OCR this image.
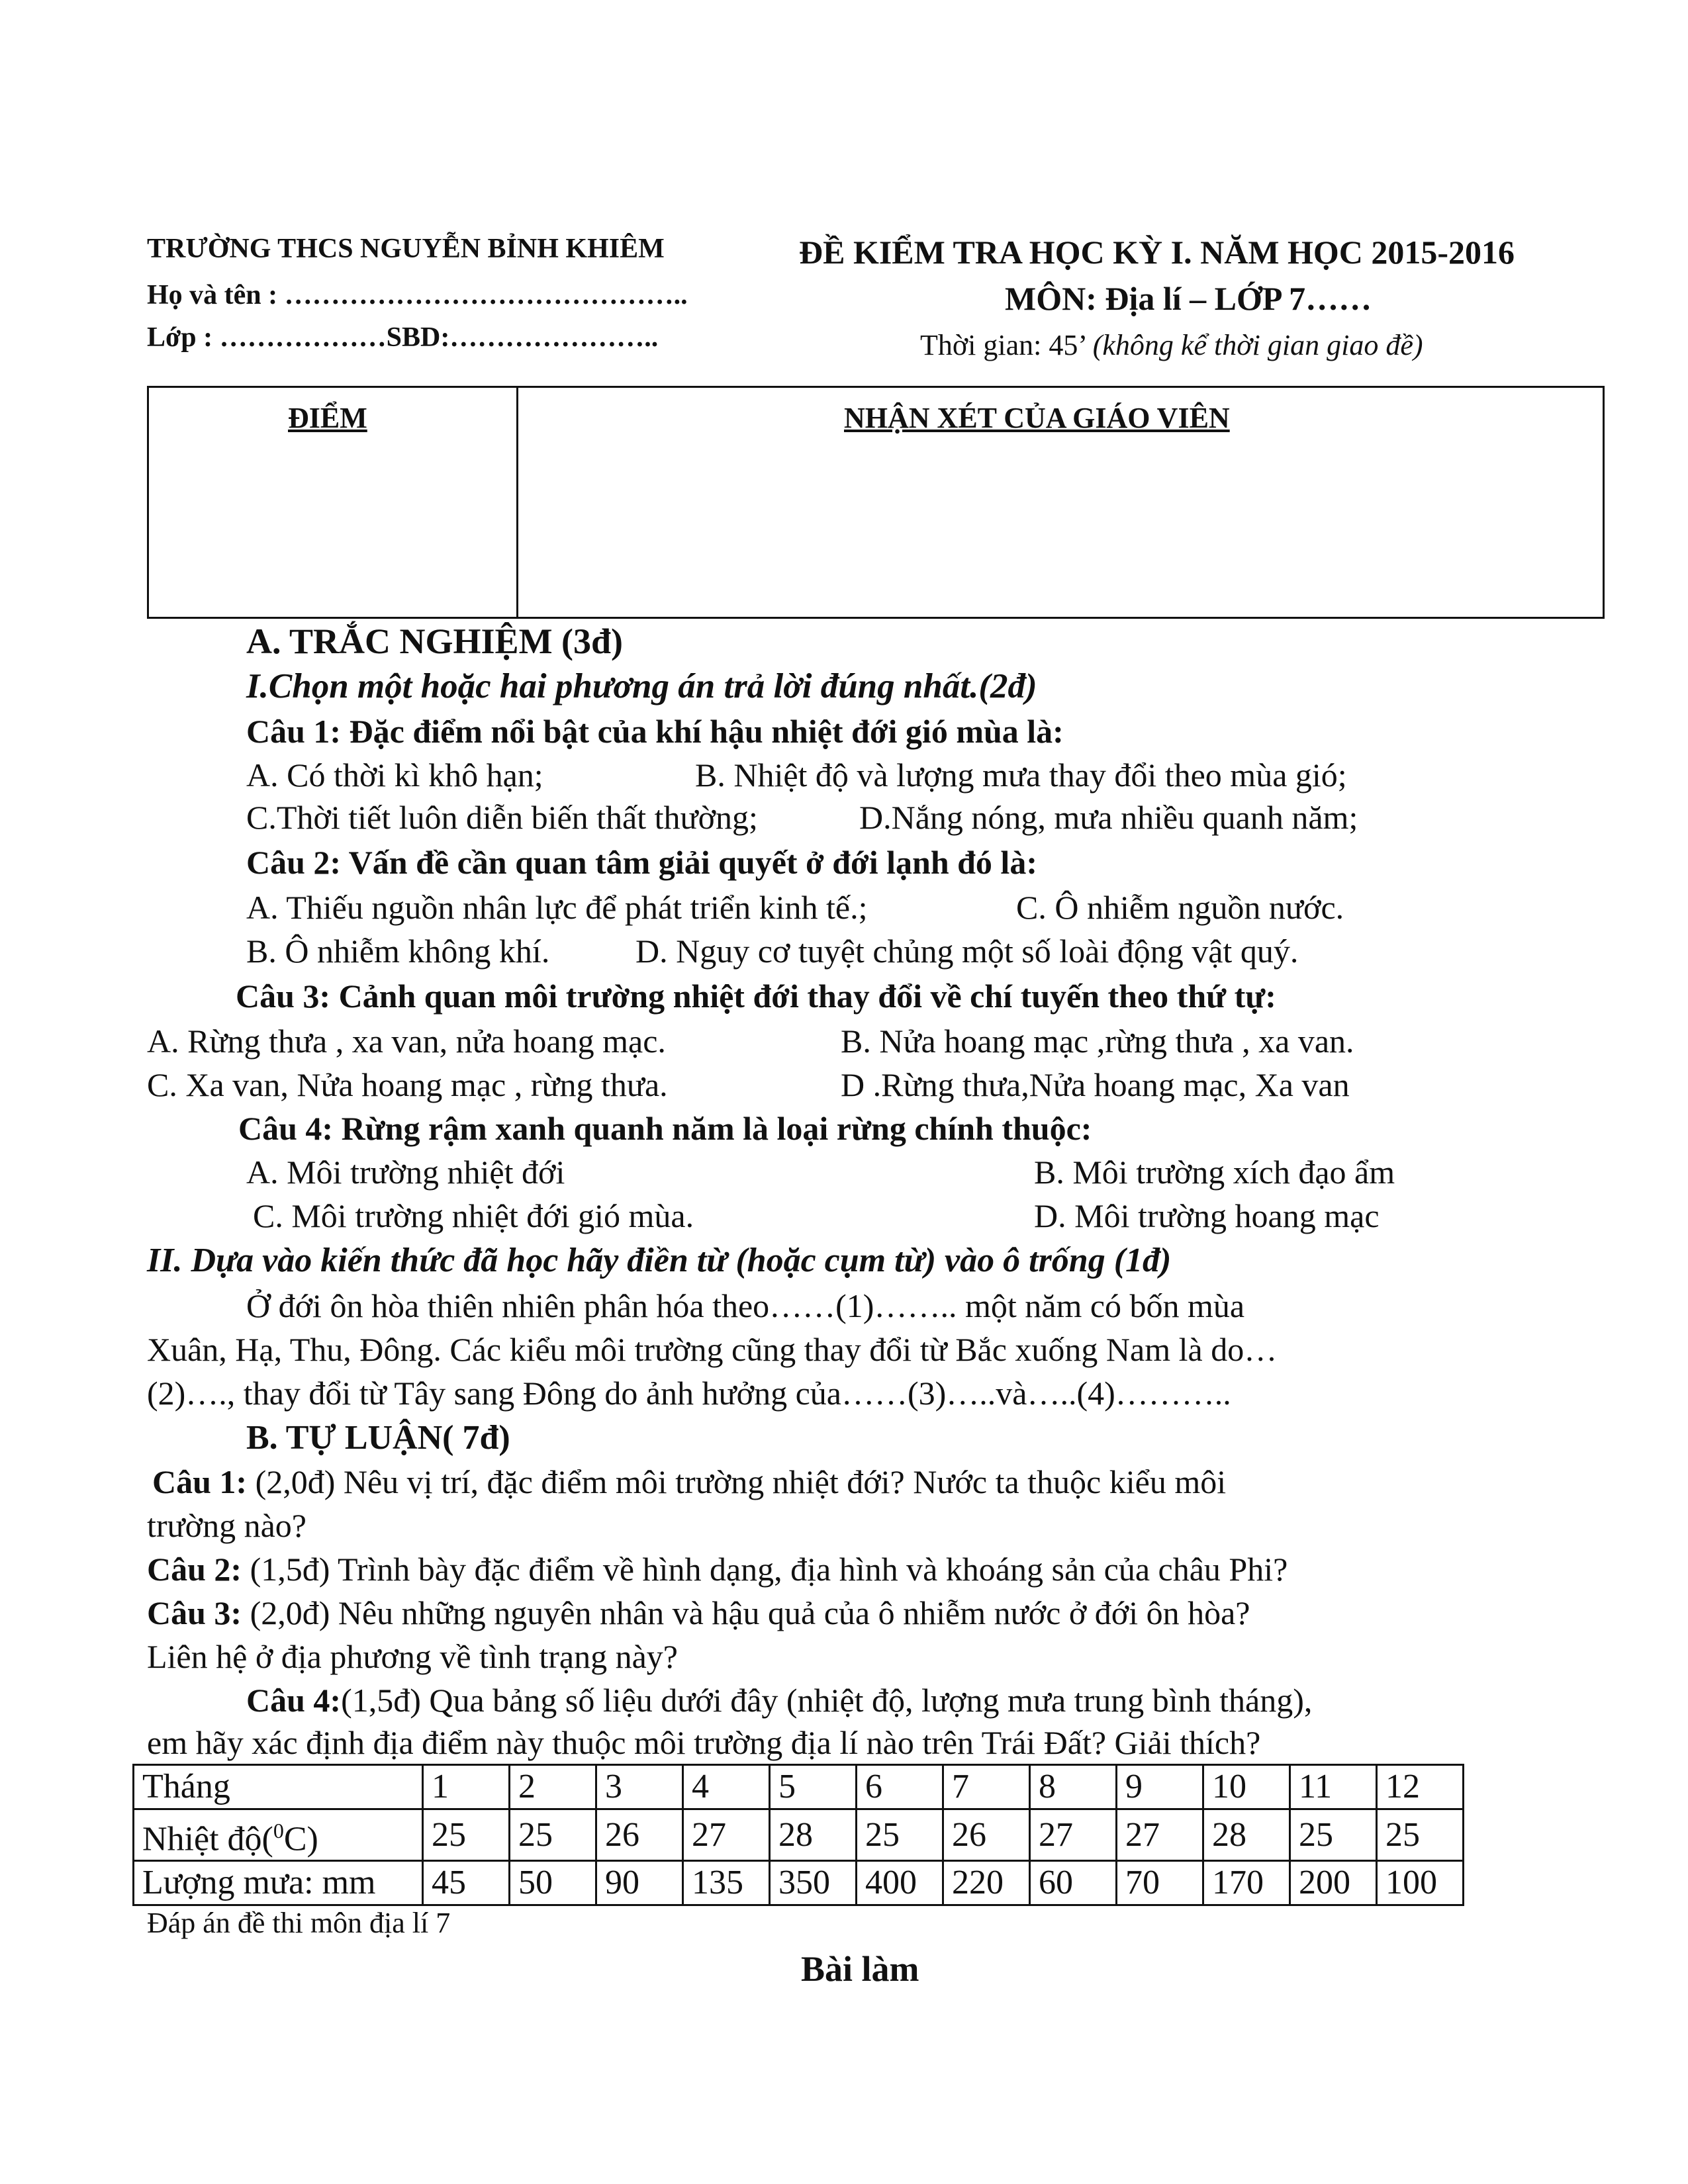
TRƯỜNG THCS NGUYỄN BỈNH KHIÊM
Họ và tên : ……………………………………..
Lớp : ………………SBD:…………………..
ĐỀ KIỂM TRA HỌC KỲ I. NĂM HỌC 2015-2016
MÔN: Địa lí – LỚP 7……
Thời gian: 45’ (không kể thời gian giao đề)
ĐIỂM	NHẬN XÉT CỦA GIÁO VIÊN
A. TRẮC NGHIỆM (3đ)
I.Chọn một hoặc hai phương án trả lời đúng nhất.(2đ)
Câu 1: Đặc điểm nổi bật của khí hậu nhiệt đới gió mùa là:
A. Có thời kì khô hạn;	B. Nhiệt độ và lượng mưa thay đổi theo mùa gió;
C.Thời tiết luôn diễn biến thất thường;	D.Nắng nóng, mưa nhiều quanh năm;
Câu 2: Vấn đề cần quan tâm giải quyết ở đới lạnh đó là:
A. Thiếu nguồn nhân lực để phát triển kinh tế.;	C. Ô nhiễm nguồn nước.
B. Ô nhiễm không khí.	D. Nguy cơ tuyệt chủng một số loài động vật quý.
Câu 3: Cảnh quan môi trường nhiệt đới thay đổi về chí tuyến theo thứ tự:
A. Rừng thưa , xa van, nửa hoang mạc.	B. Nửa hoang mạc ,rừng thưa , xa van.
C. Xa van, Nửa hoang mạc , rừng thưa.	D .Rừng thưa,Nửa hoang mạc, Xa van
Câu 4: Rừng rậm xanh quanh năm là loại rừng chính thuộc:
A. Môi trường nhiệt đới	B. Môi trường xích đạo ẩm
C. Môi trường nhiệt đới gió mùa.	D. Môi trường hoang mạc
II. Dựa vào kiến thức đã học hãy điền từ (hoặc cụm từ) vào ô trống (1đ)
Ở đới ôn hòa thiên nhiên phân hóa theo……(1)…….. một năm có bốn mùa
Xuân, Hạ, Thu, Đông. Các kiểu môi trường cũng thay đổi từ Bắc xuống Nam là do…
(2)…., thay đổi từ Tây sang Đông do ảnh hưởng của……(3)…..và…..(4)………..
B. TỰ LUẬN( 7đ)
Câu 1: (2,0đ) Nêu vị trí, đặc điểm môi trường nhiệt đới? Nước ta thuộc kiểu môi
trường nào?
Câu 2: (1,5đ) Trình bày đặc điểm về hình dạng, địa hình và khoáng sản của châu Phi?
Câu 3: (2,0đ) Nêu những nguyên nhân và hậu quả của ô nhiễm nước ở đới ôn hòa?
Liên hệ ở địa phương về tình trạng này?
Câu 4:(1,5đ) Qua bảng số liệu dưới đây (nhiệt độ, lượng mưa trung bình tháng),
em hãy xác định địa điểm này thuộc môi trường địa lí nào trên Trái Đất? Giải thích?
Tháng	1	2	3	4	5	6	7	8	9	10	11	12
Nhiệt độ($^0$C)	25	25	26	27	28	25	26	27	27	28	25	25
Lượng mưa: mm	45	50	90	135	350	400	220	60	70	170	200	100
Đáp án đề thi môn địa lí 7
Bài làm
